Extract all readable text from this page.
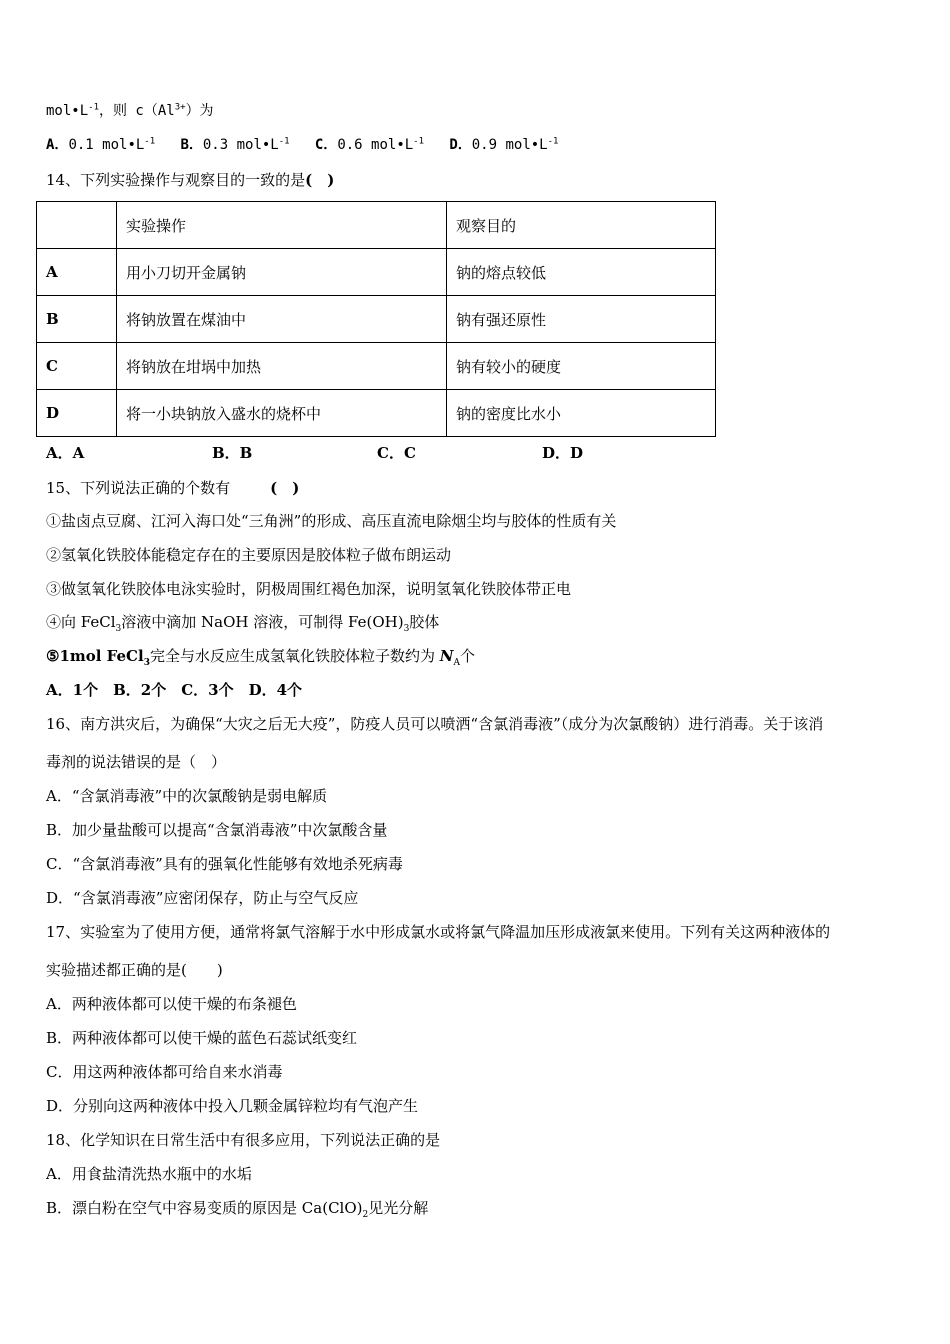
$mol•L^{-1}$，则 $c(Al^{3+})$为
A．0.1 $mol•L^{-1}$ B．0.3 $mol•L^{-1}$ C．0.6 $mol•L^{-1}$ D．0.9 $mol•L^{-1}$
14、下列实验操作与观察目的一致的是(　)
	实验操作	观察目的
A	用小刀切开金属钠	钠的熔点较低
B	将钠放置在煤油中	钠有强还原性
C	将钠放在坩埚中加热	钠有较小的硬度
D	将一小块钠放入盛水的烧杯中	钠的密度比水小
A．A	B．B	C．C	D．D
15、下列说法正确的个数有	(　)
①盐卤点豆腐、江河入海口处“三角洲”的形成、高压直流电除烟尘均与胶体的性质有关
②氢氧化铁胶体能稳定存在的主要原因是胶体粒子做布朗运动
③做氢氧化铁胶体电泳实验时，阴极周围红褐色加深，说明氢氧化铁胶体带正电
④向 FeCl$_3$溶液中滴加 NaOH 溶液，可制得 $Fe(OH)_3$胶体
⑤1mol FeCl$_3$完全与水反应生成氢氧化铁胶体粒子数约为 $N_A$个
A．1个　B．2个　C．3个　D．4个
16、南方洪灾后，为确保“大灾之后无大疫”，防疫人员可以喷洒“含氯消毒液”（成分为次氯酸钠）进行消毒。关于该消
毒剂的说法错误的是（　）
A．“含氯消毒液”中的次氯酸钠是弱电解质
B．加少量盐酸可以提高“含氯消毒液”中次氯酸含量
C．“含氯消毒液”具有的强氧化性能够有效地杀死病毒
D．“含氯消毒液”应密闭保存，防止与空气反应
17、实验室为了使用方便，通常将氯气溶解于水中形成氯水或将氯气降温加压形成液氯来使用。下列有关这两种液体的
实验描述都正确的是(　　)
A．两种液体都可以使干燥的布条褪色
B．两种液体都可以使干燥的蓝色石蕊试纸变红
C．用这两种液体都可给自来水消毒
D．分别向这两种液体中投入几颗金属锌粒均有气泡产生
18、化学知识在日常生活中有很多应用，下列说法正确的是
A．用食盐清洗热水瓶中的水垢
B．漂白粉在空气中容易变质的原因是 $Ca(ClO)_2$见光分解
